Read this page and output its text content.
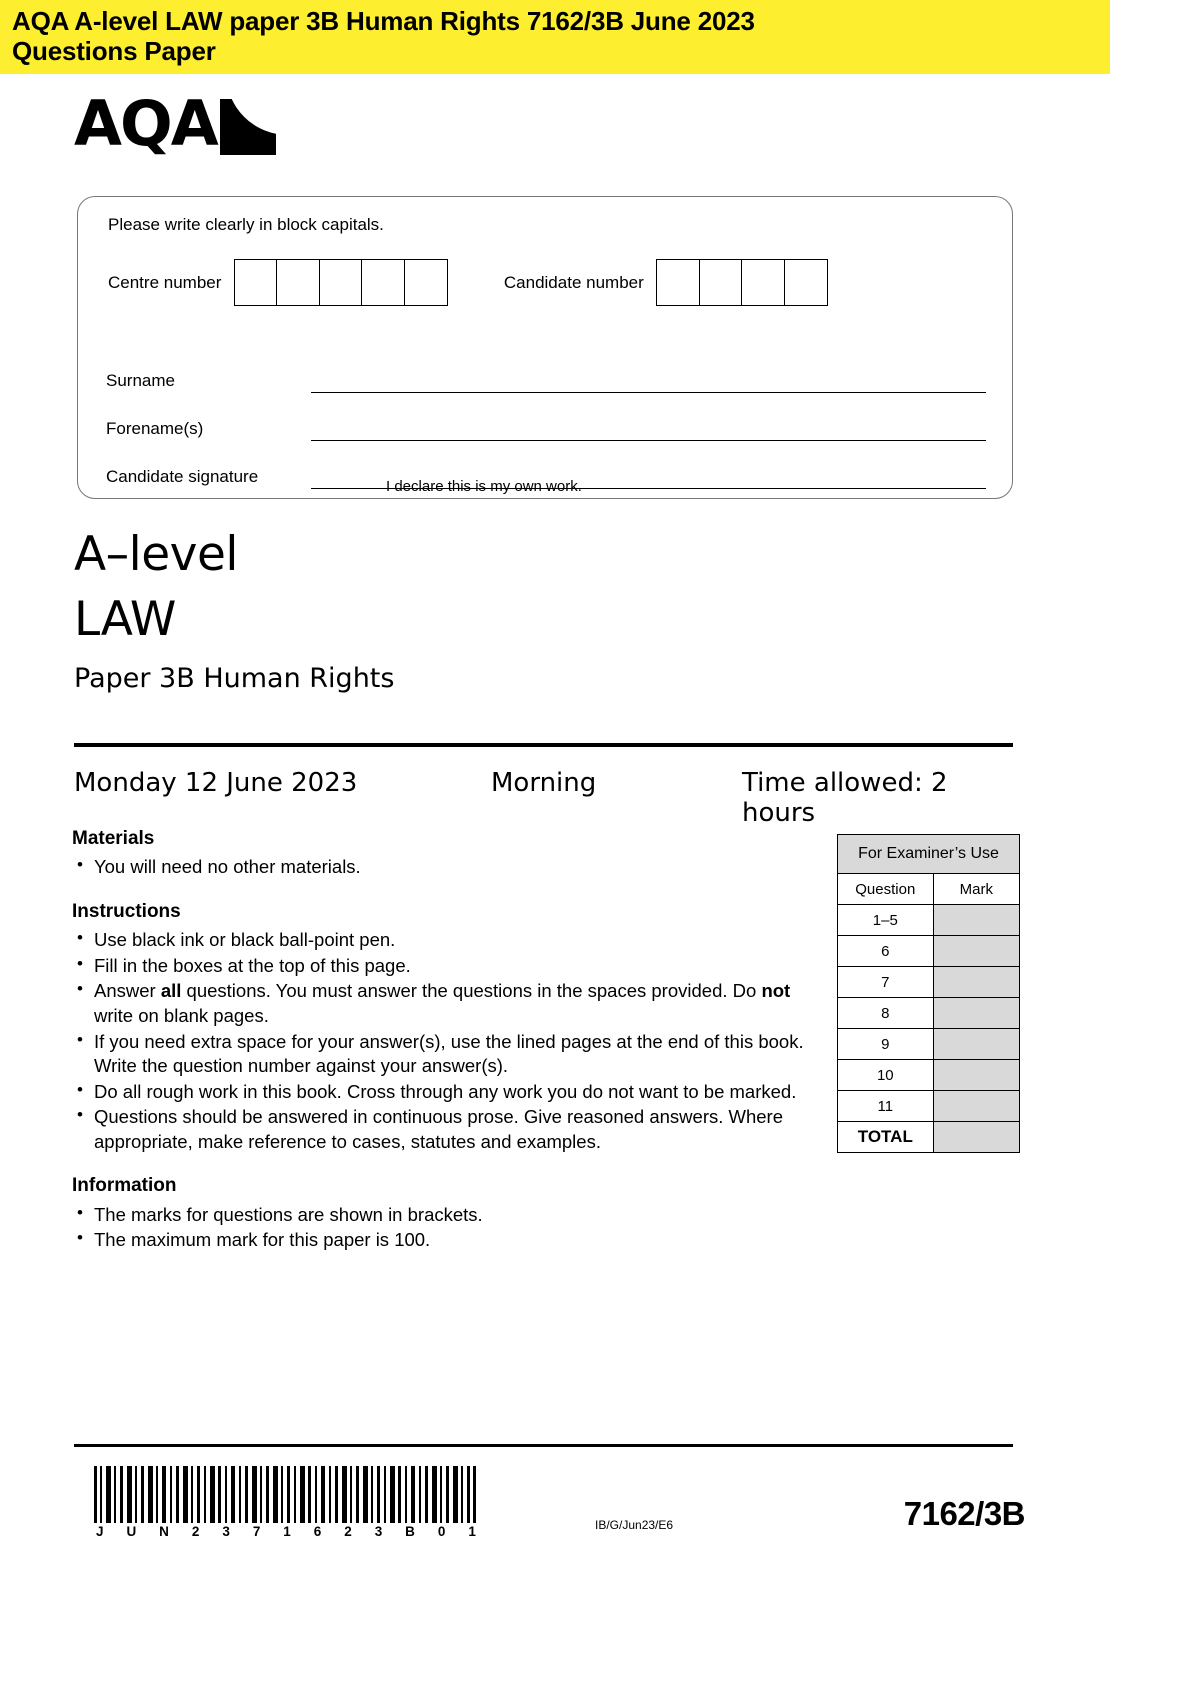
AQA A-level LAW paper 3B Human Rights 7162/3B June 2023
Questions Paper
AQA
Please write clearly in block capitals.
Centre number	Candidate number
Surname
Forename(s)
Candidate signature
I declare this is my own work.
A–level
LAW
Paper 3B Human Rights
Monday 12 June 2023	Morning	Time allowed: 2 hours
Materials
• You will need no other materials.
Instructions
• Use black ink or black ball-point pen.
• Fill in the boxes at the top of this page.
• Answer all questions. You must answer the questions in the spaces provided. Do not write on blank pages.
• If you need extra space for your answer(s), use the lined pages at the end of this book. Write the question number against your answer(s).
• Do all rough work in this book. Cross through any work you do not want to be marked.
• Questions should be answered in continuous prose. Give reasoned answers. Where appropriate, make reference to cases, statutes and examples.
Information
• The marks for questions are shown in brackets.
• The maximum mark for this paper is 100.
For Examiner’s Use	
Question	Mark
1–5	
6	
7	
8	
9	
10	
11	
TOTAL	
J U N 2 3 7 1 6 2 3 B 0 1	IB/G/Jun23/E6	7162/3B
